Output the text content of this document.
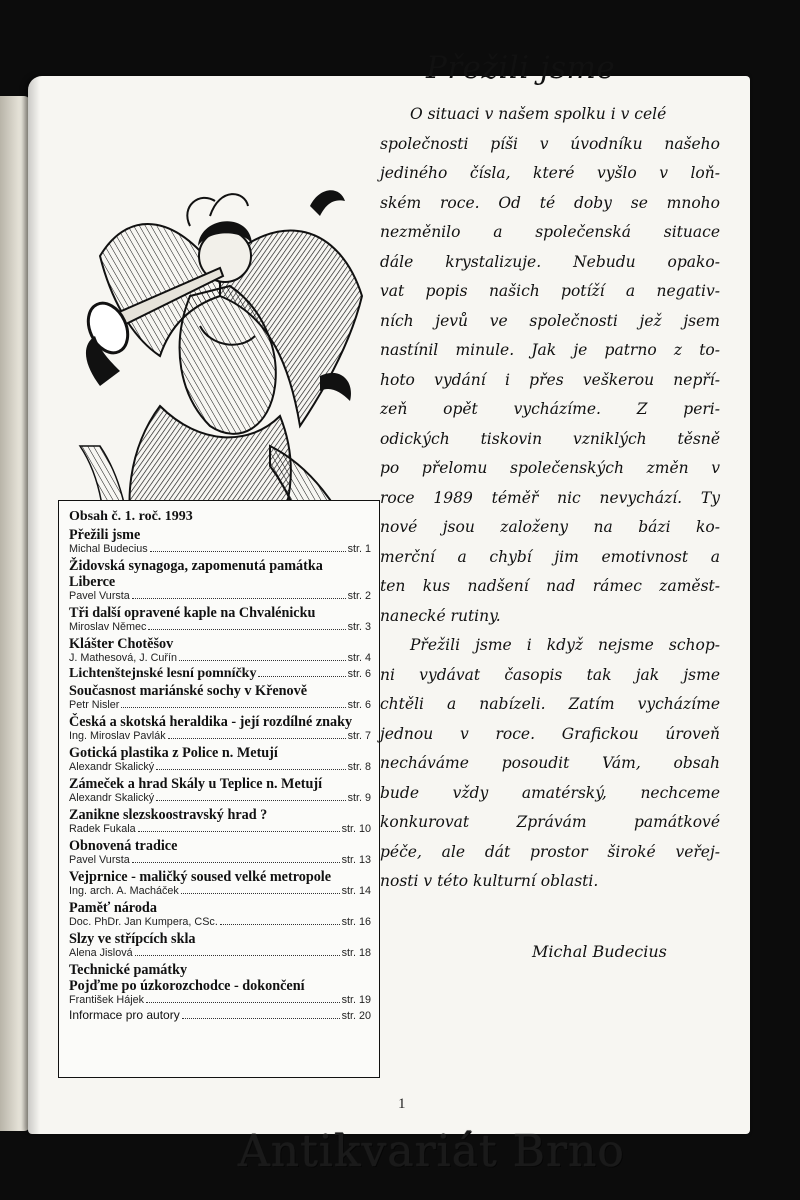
Obsah č. 1. roč. 1993
Přežili jsme
Michal Budecius	str. 1
Židovská synagoga, zapomenutá památka Liberce
Pavel Vursta	str. 2
Tři další opravené kaple na Chvalénicku
Miroslav Němec	str. 3
Klášter Chotěšov
J. Mathesová, J. Cuřín	str. 4
Lichtenštejnské lesní pomníčky	str. 6
Současnost mariánské sochy v Křenově
Petr Nisler	str. 6
Česká a skotská heraldika - její rozdílné znaky
Ing. Miroslav Pavlák	str. 7
Gotická plastika z Police n. Metují
Alexandr Skalický	str. 8
Zámeček a hrad Skály u Teplice n. Metují
Alexandr Skalický	str. 9
Zanikne slezskoostravský hrad ?
Radek Fukala	str. 10
Obnovená tradice
Pavel Vursta	str. 13
Vejprnice - maličký soused velké metropole
Ing. arch. A. Macháček	str. 14
Paměť národa
Doc. PhDr. Jan Kumpera, CSc.	str. 16
Slzy ve střípcích skla
Alena Jislová	str. 18
Technické památky
Pojďme po úzkorozchodce - dokončení
František Hájek	str. 19
Informace pro autory	str. 20
1
Přežili jsme
O situaci v našem spolku i v celé
společnosti píši v úvodníku našeho
jediného čísla, které vyšlo v loň-
ském roce. Od té doby se mnoho
nezměnilo a společenská situace
dále krystalizuje. Nebudu opako-
vat popis našich potíží a negativ-
ních jevů ve společnosti jež jsem
nastínil minule. Jak je patrno z to-
hoto vydání i přes veškerou nepří-
zeň opět vycházíme. Z peri-
odických tiskovin vzniklých těsně
po přelomu společenských změn v
roce 1989 téměř nic nevychází. Ty
nové jsou založeny na bázi ko-
merční a chybí jim emotivnost a
ten kus nadšení nad rámec zaměst-
nanecké rutiny.
Přežili jsme i když nejsme schop-
ni vydávat časopis tak jak jsme
chtěli a nabízeli. Zatím vycházíme
jednou v roce. Grafickou úroveň
necháváme posoudit Vám, obsah
bude vždy amatérský, nechceme
konkurovat Zprávám památkové
péče, ale dát prostor široké veřej-
nosti v této kulturní oblasti.
Michal Budecius
Antikvariát Brno
